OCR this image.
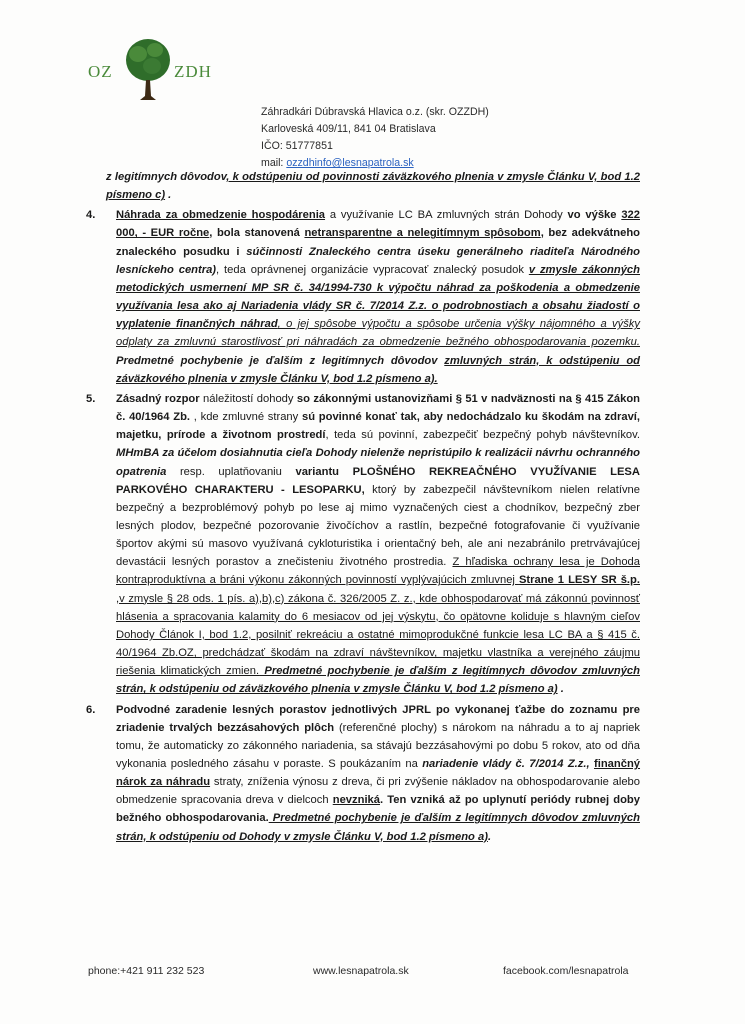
OZ	ZDH
Záhradkári Dúbravská Hlavica o.z. (skr. OZZDH)
Karloveská 409/11, 841 04 Bratislava
IČO: 51777851
mail: ozzdhinfo@lesnapatrola.sk

z legitímnych dôvodov, k odstúpeniu od povinnosti záväzkového plnenia v zmysle Článku V, bod 1.2 písmeno c) .

4. Náhrada za obmedzenie hospodárenia a využívanie LC BA zmluvných strán Dohody vo výške 322 000, - EUR ročne, bola stanovená netransparentne a nelegitímnym spôsobom, bez adekvátneho znaleckého posudku i súčinnosti Znaleckého centra úseku generálneho riaditeľa Národného lesníckeho centra), teda oprávnenej organizácie vypracovať znalecký posudok v zmysle zákonných metodických usmernení MP SR č. 34/1994-730 k výpočtu náhrad za poškodenia a obmedzenie využívania lesa ako aj Nariadenia vlády SR č. 7/2014 Z.z. o podrobnostiach a obsahu žiadostí o vyplatenie finančných náhrad, o jej spôsobe výpočtu a spôsobe určenia výšky nájomného a výšky odplaty za zmluvnú starostlivosť pri náhradách za obmedzenie bežného obhospodarovania pozemku. Predmetné pochybenie je ďalším z legitímnych dôvodov zmluvných strán, k odstúpeniu od záväzkového plnenia v zmysle Článku V, bod 1.2 písmeno a).
5. Zásadný rozpor náležitostí dohody so zákonnými ustanovizňami § 51 v nadväznosti na § 415 Zákon č. 40/1964 Zb. , kde zmluvné strany sú povinné konať tak, aby nedochádzalo ku škodám na zdraví, majetku, prírode a životnom prostredí, teda sú povinní, zabezpečiť bezpečný pohyb návštevníkov. MHmBA za účelom dosiahnutia cieľa Dohody nielenže nepristúpilo k realizácii návrhu ochranného opatrenia resp. uplatňovaniu variantu PLOŠNÉHO REKREAČNÉHO VYUŽÍVANIE LESA PARKOVÉHO CHARAKTERU - LESOPARKU, ktorý by zabezpečil návštevníkom nielen relatívne bezpečný a bezproblémový pohyb po lese aj mimo vyznačených ciest a chodníkov, bezpečný zber lesných plodov, bezpečné pozorovanie živočíchov a rastlín, bezpečné fotografovanie či využívanie športov akými sú masovo využívaná cykloturistika i orientačný beh, ale ani nezabránilo pretrvávajúcej devastácii lesných porastov a znečisteniu životného prostredia. Z hľadiska ochrany lesa je Dohoda kontraproduktívna a bráni výkonu zákonných povinností vyplývajúcich zmluvnej Strane 1 LESY SR š.p. ,v zmysle § 28 ods. 1 pís. a),b),c) zákona č. 326/2005 Z. z., kde obhospodarovať má zákonnú povinnosť hlásenia a spracovania kalamity do 6 mesiacov od jej výskytu, čo opätovne koliduje s hlavným cieľov Dohody Článok I, bod 1.2, posilniť rekreáciu a ostatné mimoprodukčné funkcie lesa LC BA a § 415 č. 40/1964 Zb.OZ, predchádzať škodám na zdraví návštevníkov, majetku vlastníka a verejného záujmu riešenia klimatických zmien. Predmetné pochybenie je ďalším z legitímnych dôvodov zmluvných strán, k odstúpeniu od záväzkového plnenia v zmysle Článku V, bod 1.2 písmeno a) .
6. Podvodné zaradenie lesných porastov jednotlivých JPRL po vykonanej ťažbe do zoznamu pre zriadenie trvalých bezzásahových plôch (referenčné plochy) s nárokom na náhradu a to aj napriek tomu, že automaticky zo zákonného nariadenia, sa stávajú bezzásahovými po dobu 5 rokov, ato od dňa vykonania posledného zásahu v poraste. S poukázaním na nariadenie vlády č. 7/2014 Z.z., finančný nárok za náhradu straty, zníženia výnosu z dreva, či pri zvýšenie nákladov na obhospodarovanie alebo obmedzenie spracovania dreva v dielcoch nevzniká. Ten vzniká až po uplynutí periódy rubnej doby bežného obhospodarovania. Predmetné pochybenie je ďalším z legitímnych dôvodov zmluvných strán, k odstúpeniu od Dohody v zmysle Článku V, bod 1.2 písmeno a).
phone:+421 911 232 523	www.lesnapatrola.sk	facebook.com/lesnapatrola
